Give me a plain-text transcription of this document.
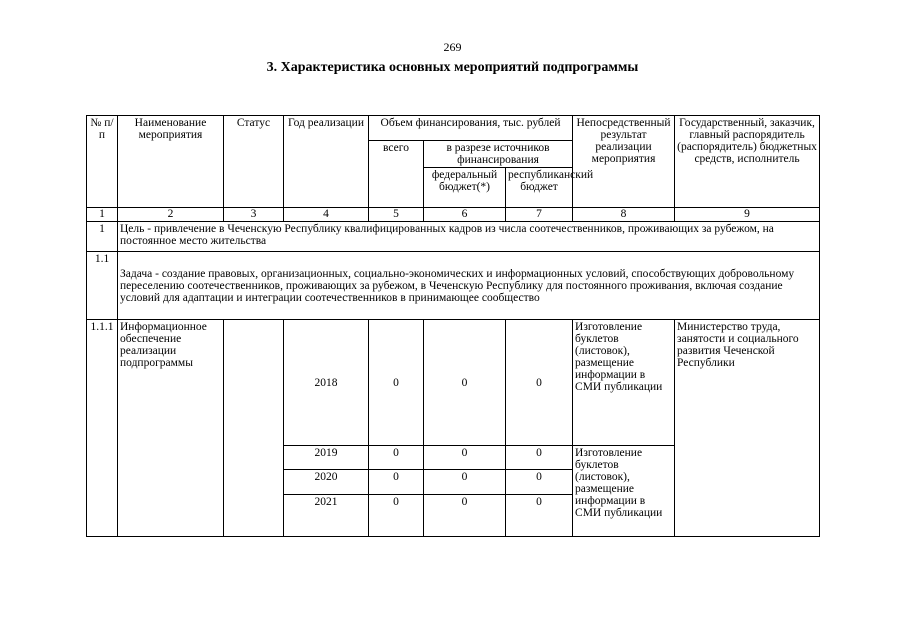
269
3. Характеристика основных мероприятий подпрограммы
№ п/п	Наименование мероприятия	Статус	Год реализации	Объем финансирования, тыс. рублей			Непосредственный результат реализации мероприятия	Государственный, заказчик, главный распорядитель (распорядитель) бюджетных средств, исполнитель
				всего	в разрезе источников финансирования			
					федеральный бюджет(*)	республиканский бюджет		
1	2	3	4	5	6	7	8	9
1	Цель - привлечение в Чеченскую Республику квалифицированных кадров из числа соотечественников, проживающих за рубежом, на постоянное место жительства							
1.1	Задача - создание правовых, организационных, социально-экономических и информационных условий, способствующих добровольному переселению соотечественников, проживающих за рубежом, в Чеченскую Республику для постоянного проживания, включая создание условий для адаптации и интеграции соотечественников в принимающее сообщество							
1.1.1	Информационное обеспечение реализации подпрограммы		2018	0	0	0	Изготовление буклетов (листовок), размещение информации в СМИ публикации	Министерство труда, занятости и социального развития Чеченской Республики
			2019	0	0	0	Изготовление буклетов (листовок), размещение информации в СМИ публикации	
			2020	0	0	0		
			2021	0	0	0		
